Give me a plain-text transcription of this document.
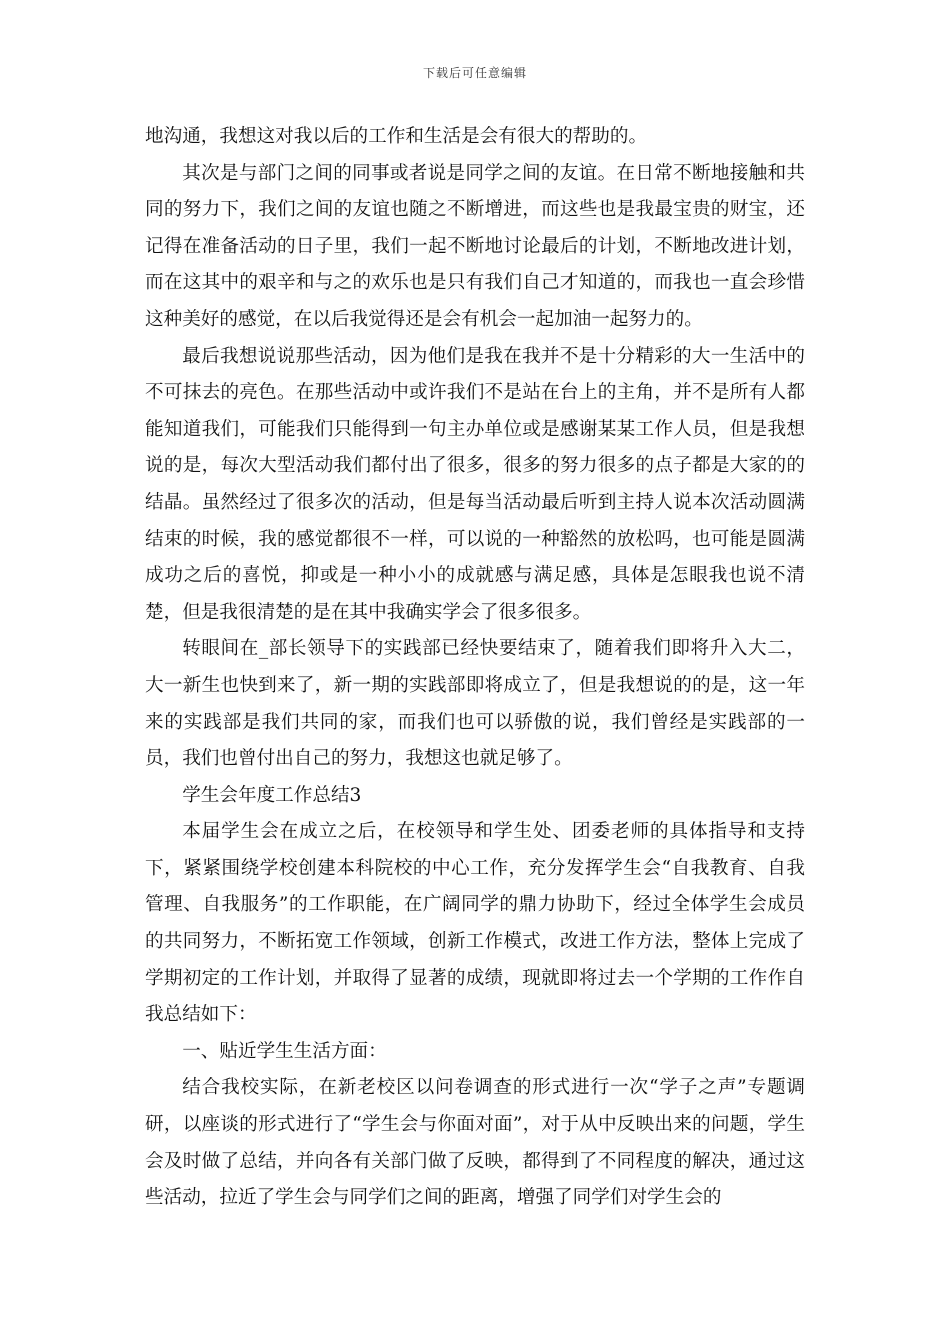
下载后可任意编辑

地沟通，我想这对我以后的工作和生活是会有很大的帮助的。

其次是与部门之间的同事或者说是同学之间的友谊。在日常不断地接触和共同的努力下，我们之间的友谊也随之不断增进，而这些也是我最宝贵的财宝，还记得在准备活动的日子里，我们一起不断地讨论最后的计划，不断地改进计划，而在这其中的艰辛和与之的欢乐也是只有我们自己才知道的，而我也一直会珍惜这种美好的感觉，在以后我觉得还是会有机会一起加油一起努力的。

最后我想说说那些活动，因为他们是我在我并不是十分精彩的大一生活中的不可抹去的亮色。在那些活动中或许我们不是站在台上的主角，并不是所有人都能知道我们，可能我们只能得到一句主办单位或是感谢某某工作人员，但是我想说的是，每次大型活动我们都付出了很多，很多的努力很多的点子都是大家的的结晶。虽然经过了很多次的活动，但是每当活动最后听到主持人说本次活动圆满结束的时候，我的感觉都很不一样，可以说的一种豁然的放松吗，也可能是圆满成功之后的喜悦，抑或是一种小小的成就感与满足感，具体是怎眼我也说不清楚，但是我很清楚的是在其中我确实学会了很多很多。

转眼间在_部长领导下的实践部已经快要结束了，随着我们即将升入大二，大一新生也快到来了，新一期的实践部即将成立了，但是我想说的的是，这一年来的实践部是我们共同的家，而我们也可以骄傲的说，我们曾经是实践部的一员，我们也曾付出自己的努力，我想这也就足够了。

学生会年度工作总结3

本届学生会在成立之后，在校领导和学生处、团委老师的具体指导和支持下，紧紧围绕学校创建本科院校的中心工作，充分发挥学生会“自我教育、自我管理、自我服务”的工作职能，在广阔同学的鼎力协助下，经过全体学生会成员的共同努力，不断拓宽工作领域，创新工作模式，改进工作方法，整体上完成了学期初定的工作计划，并取得了显著的成绩，现就即将过去一个学期的工作作自我总结如下：

一、贴近学生生活方面：

结合我校实际，在新老校区以问卷调查的形式进行一次“学子之声”专题调研，以座谈的形式进行了“学生会与你面对面”，对于从中反映出来的问题，学生会及时做了总结，并向各有关部门做了反映，都得到了不同程度的解决，通过这些活动，拉近了学生会与同学们之间的距离，增强了同学们对学生会的
